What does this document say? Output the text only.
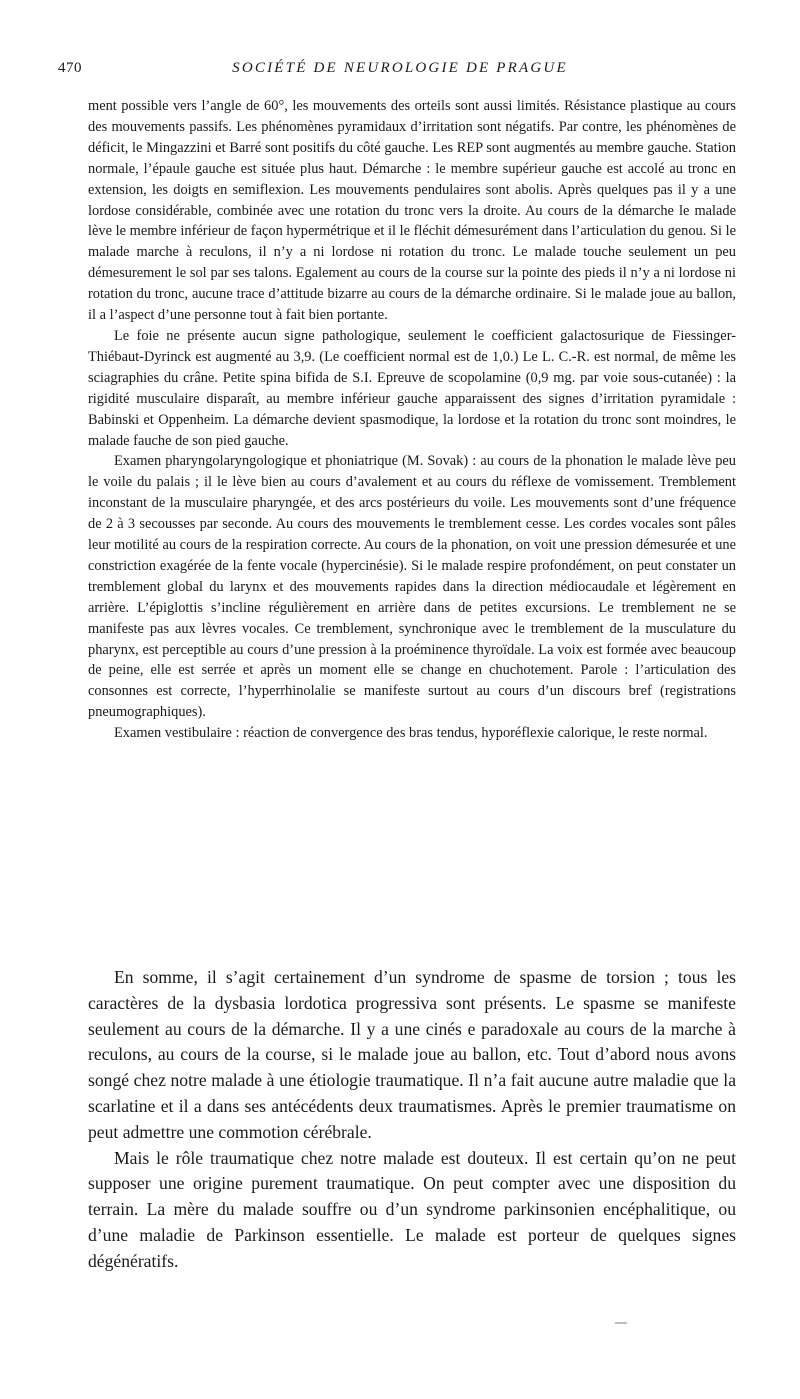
470	SOCIÉTÉ DE NEUROLOGIE DE PRAGUE

ment possible vers l’angle de 60°, les mouvements des orteils sont aussi limités. Résistance plastique au cours des mouvements passifs. Les phénomènes pyramidaux d’irritation sont négatifs. Par contre, les phénomènes de déficit, le Mingazzini et Barré sont positifs du côté gauche. Les REP sont augmentés au membre gauche. Station normale, l’épaule gauche est située plus haut. Démarche : le membre supérieur gauche est accolé au tronc en extension, les doigts en semiflexion. Les mouvements pendulaires sont abolis. Après quelques pas il y a une lordose considérable, combinée avec une rotation du tronc vers la droite. Au cours de la démarche le malade lève le membre inférieur de façon hypermétrique et il le fléchit démesurément dans l’articulation du genou. Si le malade marche à reculons, il n’y a ni lordose ni rotation du tronc. Le malade touche seulement un peu démesurement le sol par ses talons. Egalement au cours de la course sur la pointe des pieds il n’y a ni lordose ni rotation du tronc, aucune trace d’attitude bizarre au cours de la démarche ordinaire. Si le malade joue au ballon, il a l’aspect d’une personne tout à fait bien portante.

Le foie ne présente aucun signe pathologique, seulement le coefficient galactosurique de Fiessinger-Thiébaut-Dyrinck est augmenté au 3,9. (Le coefficient normal est de 1,0.) Le L. C.-R. est normal, de même les sciagraphies du crâne. Petite spina bifida de S.I. Epreuve de scopolamine (0,9 mg. par voie sous-cutanée) : la rigidité musculaire disparaît, au membre inférieur gauche apparaissent des signes d’irritation pyramidale : Babinski et Oppenheim. La démarche devient spasmodique, la lordose et la rotation du tronc sont moindres, le malade fauche de son pied gauche.

Examen pharyngolaryngologique et phoniatrique (M. Sovak) : au cours de la phonation le malade lève peu le voile du palais ; il le lève bien au cours d’avalement et au cours du réflexe de vomissement. Tremblement inconstant de la musculaire pharyngée, et des arcs postérieurs du voile. Les mouvements sont d’une fréquence de 2 à 3 secousses par seconde. Au cours des mouvements le tremblement cesse. Les cordes vocales sont pâles leur motilité au cours de la respiration correcte. Au cours de la phonation, on voit une pression démesurée et une constriction exagérée de la fente vocale (hypercinésie). Si le malade respire profondément, on peut constater un tremblement global du larynx et des mouvements rapides dans la direction médiocaudale et légèrement en arrière. L’épiglottis s’incline régulièrement en arrière dans de petites excursions. Le tremblement ne se manifeste pas aux lèvres vocales. Ce tremblement, synchronique avec le tremblement de la musculature du pharynx, est perceptible au cours d’une pression à la proéminence thyroïdale. La voix est formée avec beaucoup de peine, elle est serrée et après un moment elle se change en chuchotement. Parole : l’articulation des consonnes est correcte, l’hyperrhinolalie se manifeste surtout au cours d’un discours bref (registrations pneumographiques).

Examen vestibulaire : réaction de convergence des bras tendus, hyporéflexie calorique, le reste normal.

En somme, il s’agit certainement d’un syndrome de spasme de torsion ; tous les caractères de la dysbasia lordotica progressiva sont présents. Le spasme se manifeste seulement au cours de la démarche. Il y a une cinés e paradoxale au cours de la marche à reculons, au cours de la course, si le malade joue au ballon, etc. Tout d’abord nous avons songé chez notre malade à une étiologie traumatique. Il n’a fait aucune autre maladie que la scarlatine et il a dans ses antécédents deux traumatismes. Après le premier traumatisme on peut admettre une commotion cérébrale.

Mais le rôle traumatique chez notre malade est douteux. Il est certain qu’on ne peut supposer une origine purement traumatique. On peut compter avec une disposition du terrain. La mère du malade souffre ou d’un syndrome parkinsonien encéphalitique, ou d’une maladie de Parkinson essentielle. Le malade est porteur de quelques signes dégénératifs.
